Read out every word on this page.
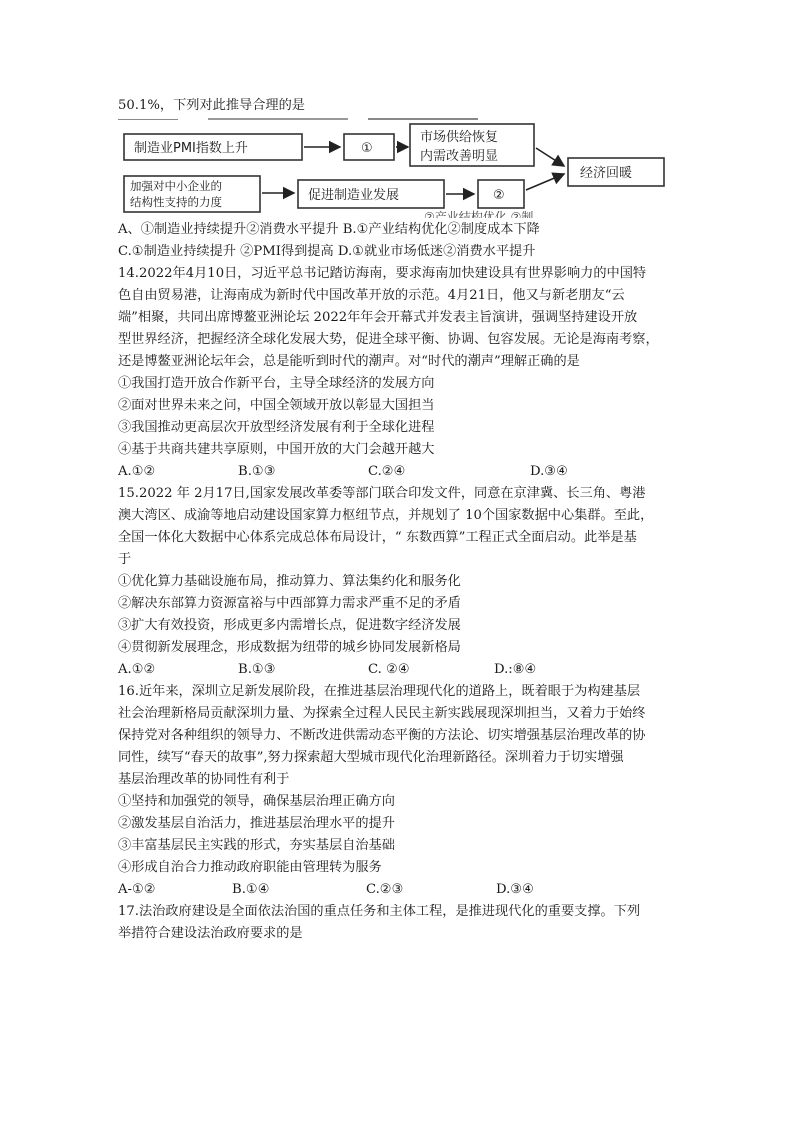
50.1%，下列对此推导合理的是
制造业PMI指数上升	①
市场供给恢复
内需改善明显
经济回暖
加强对中小企业的
结构性支持的力度	促进制造业发展	②
②产业结构优化 ②制
A、①制造业持续提升②消费水平提升 B.①产业结构优化②制度成本下降
C.①制造业持续提升 ②PMI得到提高 D.①就业市场低迷②消费水平提升
14.2022年4月10日，习近平总书记踏访海南，要求海南加快建设具有世界影响力的中国特
色自由贸易港，让海南成为新时代中国改革开放的示范。4月21日，他又与新老朋友“云
端”相聚，共同出席博鳌亚洲论坛 2022年年会开幕式并发表主旨演讲，强调坚持建设开放
型世界经济，把握经济全球化发展大势，促进全球平衡、协调、包容发展。无论是海南考察，
还是博鳌亚洲论坛年会，总是能听到时代的潮声。对“时代的潮声”理解正确的是
①我国打造开放合作新平台，主导全球经济的发展方向
②面对世界未来之问，中国全领域开放以彰显大国担当
③我国推动更高层次开放型经济发展有利于全球化进程
④基于共商共建共享原则，中国开放的大门会越开越大
A.①②	B.①③	C.②④	D.③④
15.2022 年 2月17日,国家发展改革委等部门联合印发文件，同意在京津冀、长三角、粤港
澳大湾区、成渝等地启动建设国家算力枢纽节点，并规划了 10个国家数据中心集群。至此，
全国一体化大数据中心体系完成总体布局设计，“ 东数西算”工程正式全面启动。此举是基
于
①优化算力基础设施布局，推动算力、算法集约化和服务化
②解决东部算力资源富裕与中西部算力需求严重不足的矛盾
③扩大有效投资，形成更多内需增长点，促进数字经济发展
④贯彻新发展理念，形成数据为纽带的城乡协同发展新格局
A.①②	B.①③	C. ②④	D.:⑧④
16.近年来，深圳立足新发展阶段，在推进基层治理现代化的道路上，既着眼于为构建基层
社会治理新格局贡献深圳力量、为探索全过程人民民主新实践展现深圳担当，又着力于始终
保持党对各种组织的领导力、不断改进供需动态平衡的方法论、切实增强基层治理改革的协
同性，续写“春天的故事”,努力探索超大型城市现代化治理新路径。深圳着力于切实增强
基层治理改革的协同性有利于
①坚持和加强党的领导，确保基层治理正确方向
②激发基层自治活力，推进基层治理水平的提升
③丰富基层民主实践的形式，夯实基层自治基础
④形成自治合力推动政府职能由管理转为服务
A-①②	B.①④	C.②③	D.③④
17.法治政府建设是全面依法治国的重点任务和主体工程，是推进现代化的重要支撑。下列
举措符合建设法治政府要求的是
